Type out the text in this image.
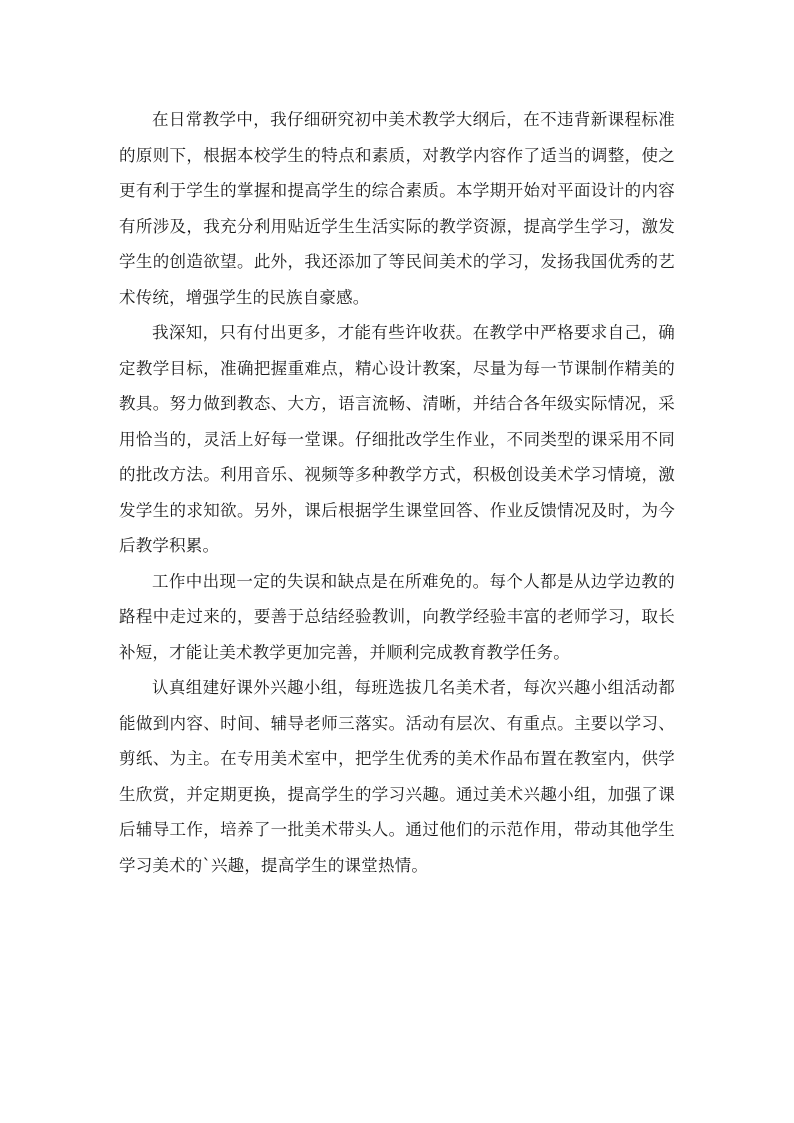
在日常教学中，我仔细研究初中美术教学大纲后，在不违背新课程标准的原则下，根据本校学生的特点和素质，对教学内容作了适当的调整，使之更有利于学生的掌握和提高学生的综合素质。本学期开始对平面设计的内容有所涉及，我充分利用贴近学生生活实际的教学资源，提高学生学习，激发学生的创造欲望。此外，我还添加了等民间美术的学习，发扬我国优秀的艺术传统，增强学生的民族自豪感。

我深知，只有付出更多，才能有些许收获。在教学中严格要求自己，确定教学目标，准确把握重难点，精心设计教案，尽量为每一节课制作精美的教具。努力做到教态、大方，语言流畅、清晰，并结合各年级实际情况，采用恰当的，灵活上好每一堂课。仔细批改学生作业，不同类型的课采用不同的批改方法。利用音乐、视频等多种教学方式，积极创设美术学习情境，激发学生的求知欲。另外，课后根据学生课堂回答、作业反馈情况及时，为今后教学积累。

工作中出现一定的失误和缺点是在所难免的。每个人都是从边学边教的路程中走过来的，要善于总结经验教训，向教学经验丰富的老师学习，取长补短，才能让美术教学更加完善，并顺利完成教育教学任务。

认真组建好课外兴趣小组，每班选拔几名美术者，每次兴趣小组活动都能做到内容、时间、辅导老师三落实。活动有层次、有重点。主要以学习、剪纸、为主。在专用美术室中，把学生优秀的美术作品布置在教室内，供学生欣赏，并定期更换，提高学生的学习兴趣。通过美术兴趣小组，加强了课后辅导工作，培养了一批美术带头人。通过他们的示范作用，带动其他学生学习美术的`兴趣，提高学生的课堂热情。
